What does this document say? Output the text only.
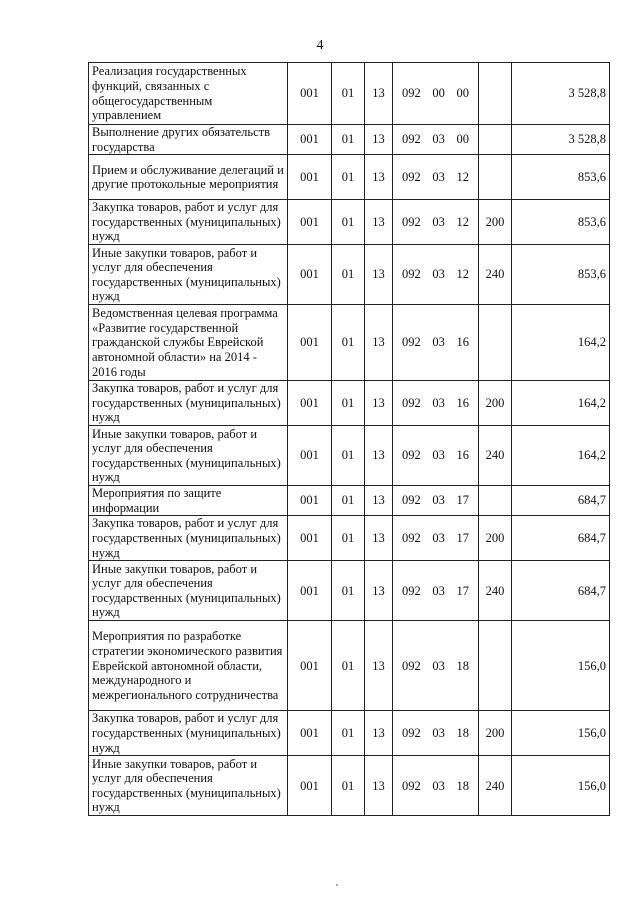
4
Реализация государственных функций, связанных с общегосударственным управлением	001	01	13	092 00 00		3 528,8
Выполнение других обязательств государства	001	01	13	092 03 00		3 528,8
Прием и обслуживание делегаций и другие протокольные мероприятия	001	01	13	092 03 12		853,6
Закупка товаров, работ и услуг для государственных (муниципальных) нужд	001	01	13	092 03 12	200	853,6
Иные закупки товаров, работ и услуг для обеспечения государственных (муниципальных) нужд	001	01	13	092 03 12	240	853,6
Ведомственная целевая программа «Развитие государственной гражданской службы Еврейской автономной области» на 2014 - 2016 годы	001	01	13	092 03 16		164,2
Закупка товаров, работ и услуг для государственных (муниципальных) нужд	001	01	13	092 03 16	200	164,2
Иные закупки товаров, работ и услуг для обеспечения государственных (муниципальных) нужд	001	01	13	092 03 16	240	164,2
Мероприятия по защите информации	001	01	13	092 03 17		684,7
Закупка товаров, работ и услуг для государственных (муниципальных) нужд	001	01	13	092 03 17	200	684,7
Иные закупки товаров, работ и услуг для обеспечения государственных (муниципальных) нужд	001	01	13	092 03 17	240	684,7
Мероприятия по разработке стратегии экономического развития Еврейской автономной области, международного и межрегионального сотрудничества	001	01	13	092 03 18		156,0
Закупка товаров, работ и услуг для государственных (муниципальных) нужд	001	01	13	092 03 18	200	156,0
Иные закупки товаров, работ и услуг для обеспечения государственных (муниципальных) нужд	001	01	13	092 03 18	240	156,0
